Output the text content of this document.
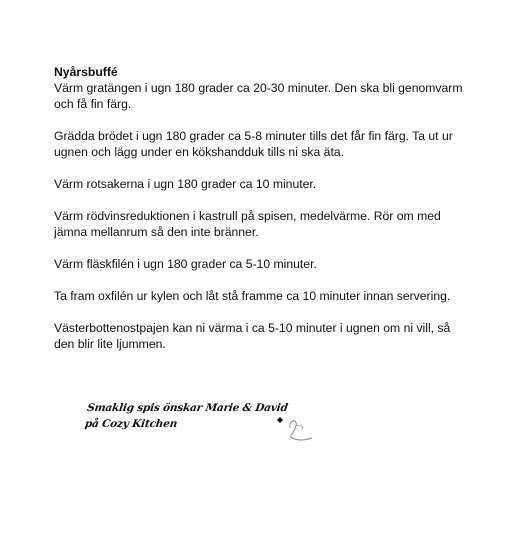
Nyårsbuffé

Värm gratängen i ugn 180 grader ca 20-30 minuter. Den ska bli genomvarm och få fin färg.

Grädda brödet i ugn 180 grader ca 5-8 minuter tills det får fin färg. Ta ut ur ugnen och lägg under en kökshandduk tills ni ska äta.

Värm rotsakerna i ugn 180 grader ca 10 minuter.

Värm rödvinsreduktionen i kastrull på spisen, medelvärme. Rör om med jämna mellanrum så den inte bränner.

Värm fläskfilén i ugn 180 grader ca 5-10 minuter.

Ta fram oxfilén ur kylen och låt stå framme ca 10 minuter innan servering.

Västerbottenostpajen kan ni värma i ca 5-10 minuter i ugnen om ni vill, så den blir lite ljummen.

Smaklig spis önskar Marie & David
på Cozy Kitchen
